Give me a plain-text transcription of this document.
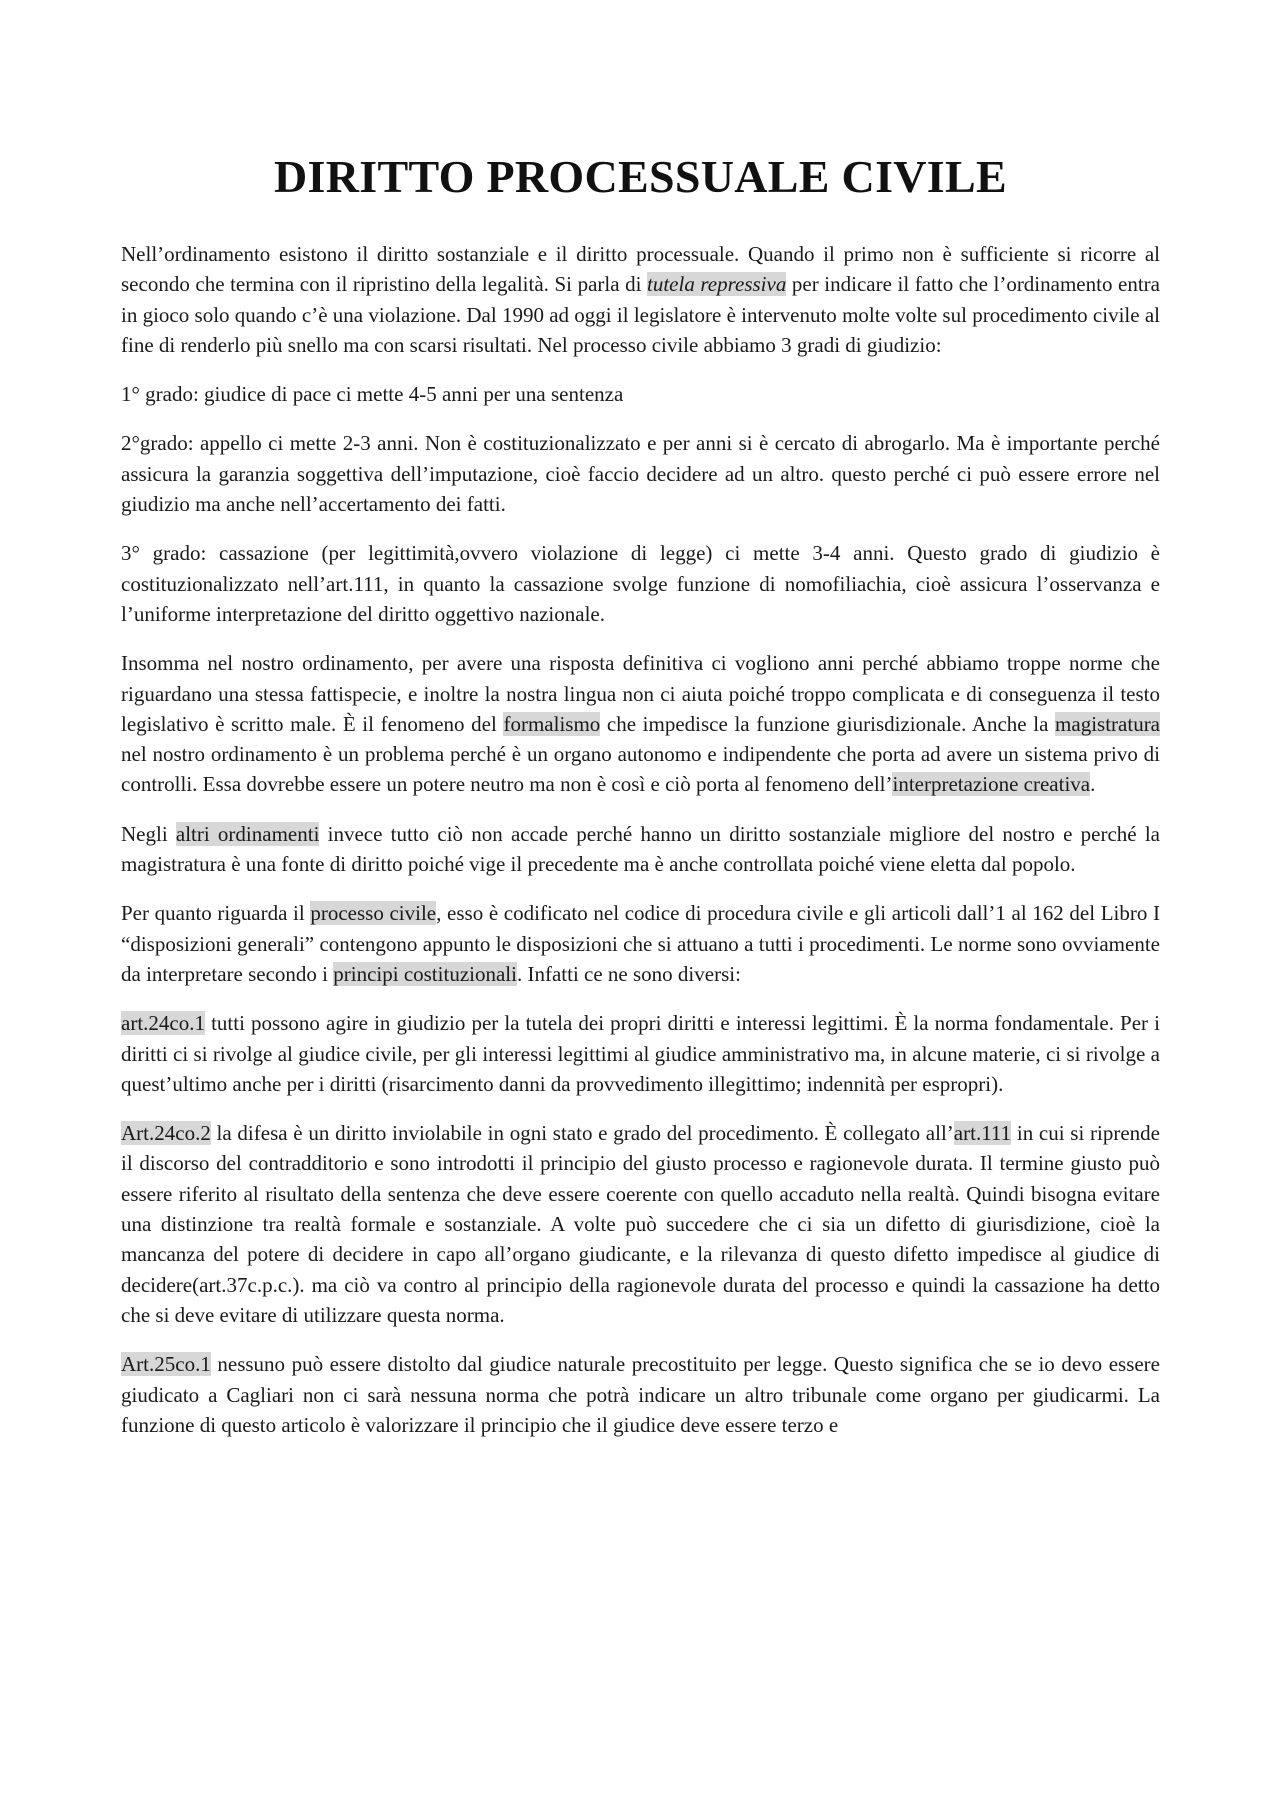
DIRITTO PROCESSUALE CIVILE

Nell’ordinamento esistono il diritto sostanziale e il diritto processuale. Quando il primo non è sufficiente si ricorre al secondo che termina con il ripristino della legalità. Si parla di tutela repressiva per indicare il fatto che l’ordinamento entra in gioco solo quando c’è una violazione. Dal 1990 ad oggi il legislatore è intervenuto molte volte sul procedimento civile al fine di renderlo più snello ma con scarsi risultati. Nel processo civile abbiamo 3 gradi di giudizio:

1° grado: giudice di pace ci mette 4-5 anni per una sentenza

2°grado: appello ci mette 2-3 anni. Non è costituzionalizzato e per anni si è cercato di abrogarlo. Ma è importante perché assicura la garanzia soggettiva dell’imputazione, cioè faccio decidere ad un altro. questo perché ci può essere errore nel giudizio ma anche nell’accertamento dei fatti.

3° grado: cassazione (per legittimità,ovvero violazione di legge) ci mette 3-4 anni. Questo grado di giudizio è costituzionalizzato nell’art.111, in quanto la cassazione svolge funzione di nomofiliachia, cioè assicura l’osservanza e l’uniforme interpretazione del diritto oggettivo nazionale.

Insomma nel nostro ordinamento, per avere una risposta definitiva ci vogliono anni perché abbiamo troppe norme che riguardano una stessa fattispecie, e inoltre la nostra lingua non ci aiuta poiché troppo complicata e di conseguenza il testo legislativo è scritto male. È il fenomeno del formalismo che impedisce la funzione giurisdizionale. Anche la magistratura nel nostro ordinamento è un problema perché è un organo autonomo e indipendente che porta ad avere un sistema privo di controlli. Essa dovrebbe essere un potere neutro ma non è così e ciò porta al fenomeno dell’interpretazione creativa.

Negli altri ordinamenti invece tutto ciò non accade perché hanno un diritto sostanziale migliore del nostro e perché la magistratura è una fonte di diritto poiché vige il precedente ma è anche controllata poiché viene eletta dal popolo.

Per quanto riguarda il processo civile, esso è codificato nel codice di procedura civile e gli articoli dall’1 al 162 del Libro I “disposizioni generali” contengono appunto le disposizioni che si attuano a tutti i procedimenti. Le norme sono ovviamente da interpretare secondo i principi costituzionali. Infatti ce ne sono diversi:

art.24co.1 tutti possono agire in giudizio per la tutela dei propri diritti e interessi legittimi. È la norma fondamentale. Per i diritti ci si rivolge al giudice civile, per gli interessi legittimi al giudice amministrativo ma, in alcune materie, ci si rivolge a quest’ultimo anche per i diritti (risarcimento danni da provvedimento illegittimo; indennità per espropri).

Art.24co.2 la difesa è un diritto inviolabile in ogni stato e grado del procedimento. È collegato all’art.111 in cui si riprende il discorso del contradditorio e sono introdotti il principio del giusto processo e ragionevole durata. Il termine giusto può essere riferito al risultato della sentenza che deve essere coerente con quello accaduto nella realtà. Quindi bisogna evitare una distinzione tra realtà formale e sostanziale. A volte può succedere che ci sia un difetto di giurisdizione, cioè la mancanza del potere di decidere in capo all’organo giudicante, e la rilevanza di questo difetto impedisce al giudice di decidere(art.37c.p.c.). ma ciò va contro al principio della ragionevole durata del processo e quindi la cassazione ha detto che si deve evitare di utilizzare questa norma.

Art.25co.1 nessuno può essere distolto dal giudice naturale precostituito per legge. Questo significa che se io devo essere giudicato a Cagliari non ci sarà nessuna norma che potrà indicare un altro tribunale come organo per giudicarmi. La funzione di questo articolo è valorizzare il principio che il giudice deve essere terzo e
